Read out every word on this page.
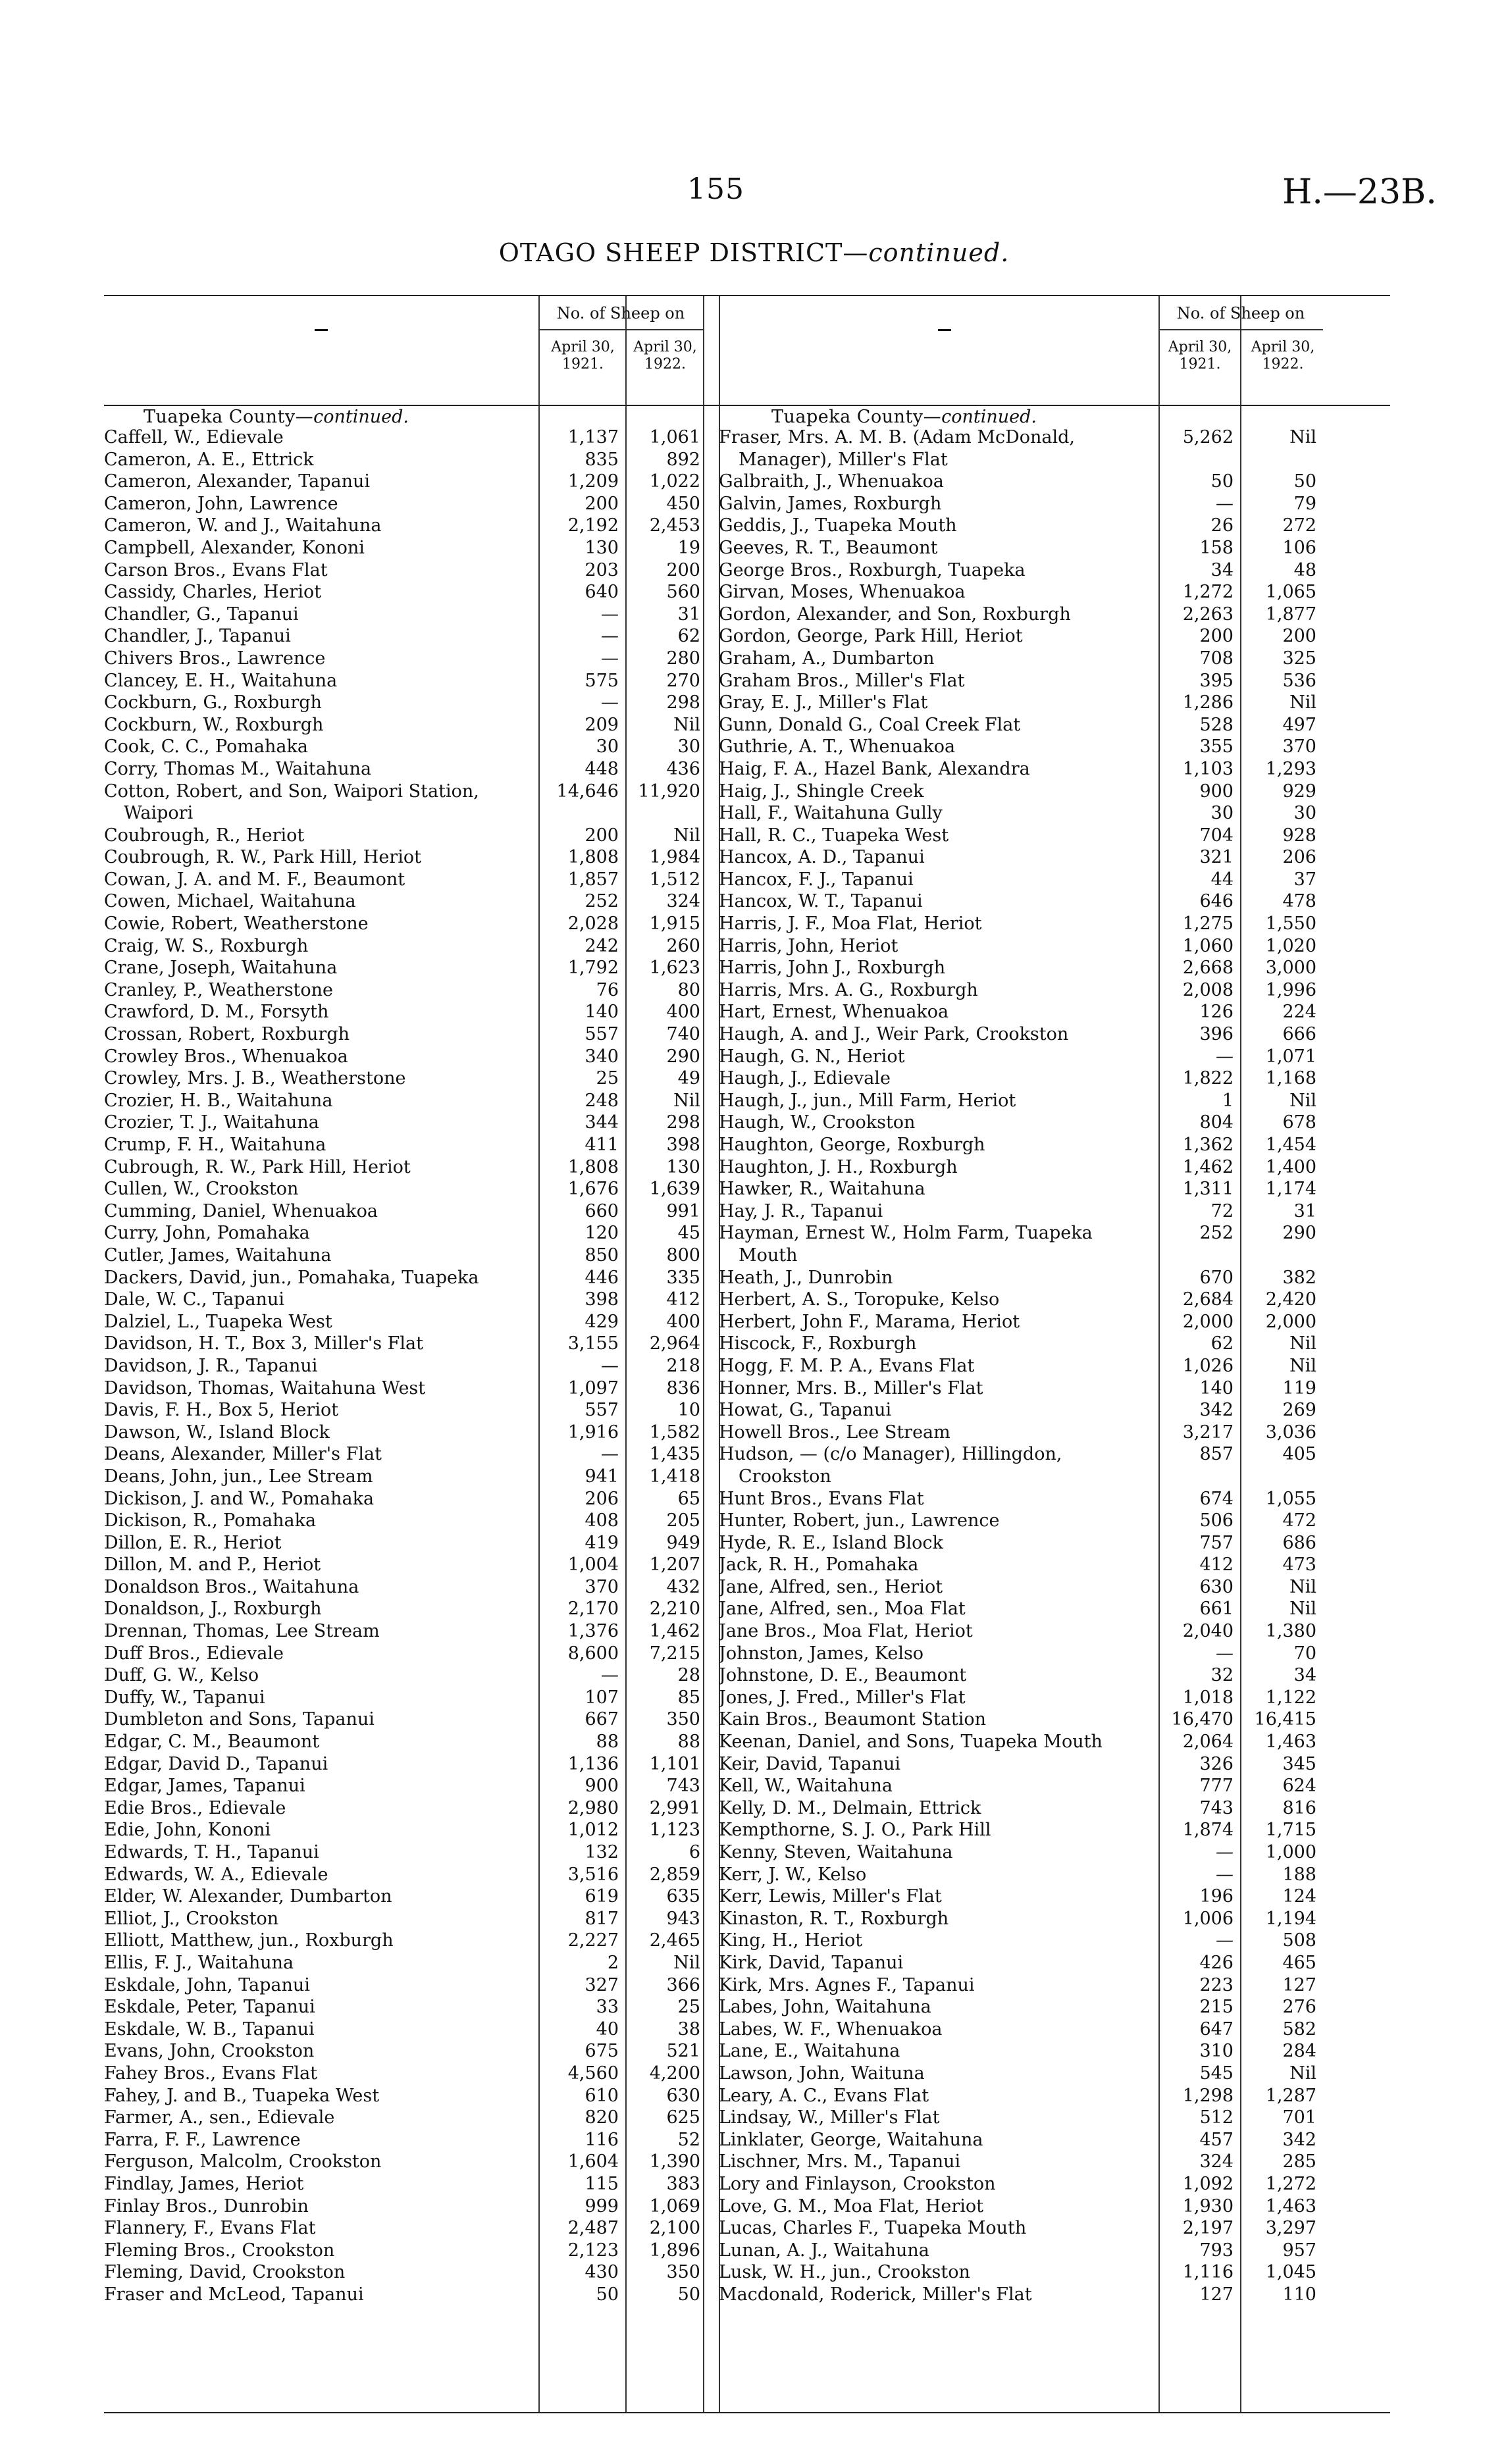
155	H.—23B.
OTAGO SHEEP DISTRICT—continued.
No. of Sheep on
April 30, 1921.
April 30, 1922.
Tuapeka County—continued.
Caffell, W., Edievale	1,137	1,061
Cameron, A. E., Ettrick	835	892
Cameron, Alexander, Tapanui	1,209	1,022
Cameron, John, Lawrence	200	450
Cameron, W. and J., Waitahuna	2,192	2,453
Campbell, Alexander, Kononi	130	19
Carson Bros., Evans Flat	203	200
Cassidy, Charles, Heriot	640	560
Chandler, G., Tapanui	—	31
Chandler, J., Tapanui	—	62
Chivers Bros., Lawrence	—	280
Clancey, E. H., Waitahuna	575	270
Cockburn, G., Roxburgh	—	298
Cockburn, W., Roxburgh	209	Nil
Cook, C. C., Pomahaka	30	30
Corry, Thomas M., Waitahuna	448	436
Cotton, Robert, and Son, Waipori Station,
Waipori
14,646	11,920
Coubrough, R., Heriot	200	Nil
Coubrough, R. W., Park Hill, Heriot	1,808	1,984
Cowan, J. A. and M. F., Beaumont	1,857	1,512
Cowen, Michael, Waitahuna	252	324
Cowie, Robert, Weatherstone	2,028	1,915
Craig, W. S., Roxburgh	242	260
Crane, Joseph, Waitahuna	1,792	1,623
Cranley, P., Weatherstone	76	80
Crawford, D. M., Forsyth	140	400
Crossan, Robert, Roxburgh	557	740
Crowley Bros., Whenuakoa	340	290
Crowley, Mrs. J. B., Weatherstone	25	49
Crozier, H. B., Waitahuna	248	Nil
Crozier, T. J., Waitahuna	344	298
Crump, F. H., Waitahuna	411	398
Cubrough, R. W., Park Hill, Heriot	1,808	130
Cullen, W., Crookston	1,676	1,639
Cumming, Daniel, Whenuakoa	660	991
Curry, John, Pomahaka	120	45
Cutler, James, Waitahuna	850	800
Dackers, David, jun., Pomahaka, Tuapeka	446	335
Dale, W. C., Tapanui	398	412
Dalziel, L., Tuapeka West	429	400
Davidson, H. T., Box 3, Miller's Flat	3,155	2,964
Davidson, J. R., Tapanui	—	218
Davidson, Thomas, Waitahuna West	1,097	836
Davis, F. H., Box 5, Heriot	557	10
Dawson, W., Island Block	1,916	1,582
Deans, Alexander, Miller's Flat	—	1,435
Deans, John, jun., Lee Stream	941	1,418
Dickison, J. and W., Pomahaka	206	65
Dickison, R., Pomahaka	408	205
Dillon, E. R., Heriot	419	949
Dillon, M. and P., Heriot	1,004	1,207
Donaldson Bros., Waitahuna	370	432
Donaldson, J., Roxburgh	2,170	2,210
Drennan, Thomas, Lee Stream	1,376	1,462
Duff Bros., Edievale	8,600	7,215
Duff, G. W., Kelso	—	28
Duffy, W., Tapanui	107	85
Dumbleton and Sons, Tapanui	667	350
Edgar, C. M., Beaumont	88	88
Edgar, David D., Tapanui	1,136	1,101
Edgar, James, Tapanui	900	743
Edie Bros., Edievale	2,980	2,991
Edie, John, Kononi	1,012	1,123
Edwards, T. H., Tapanui	132	6
Edwards, W. A., Edievale	3,516	2,859
Elder, W. Alexander, Dumbarton	619	635
Elliot, J., Crookston	817	943
Elliott, Matthew, jun., Roxburgh	2,227	2,465
Ellis, F. J., Waitahuna	2	Nil
Eskdale, John, Tapanui	327	366
Eskdale, Peter, Tapanui	33	25
Eskdale, W. B., Tapanui	40	38
Evans, John, Crookston	675	521
Fahey Bros., Evans Flat	4,560	4,200
Fahey, J. and B., Tuapeka West	610	630
Farmer, A., sen., Edievale	820	625
Farra, F. F., Lawrence	116	52
Ferguson, Malcolm, Crookston	1,604	1,390
Findlay, James, Heriot	115	383
Finlay Bros., Dunrobin	999	1,069
Flannery, F., Evans Flat	2,487	2,100
Fleming Bros., Crookston	2,123	1,896
Fleming, David, Crookston	430	350
Fraser and McLeod, Tapanui	50	50
No. of Sheep on
April 30, 1921.
April 30, 1922.
Tuapeka County—continued.
Fraser, Mrs. A. M. B. (Adam McDonald,
Manager), Miller's Flat
5,262	Nil
Galbraith, J., Whenuakoa	50	50
Galvin, James, Roxburgh	—	79
Geddis, J., Tuapeka Mouth	26	272
Geeves, R. T., Beaumont	158	106
George Bros., Roxburgh, Tuapeka	34	48
Girvan, Moses, Whenuakoa	1,272	1,065
Gordon, Alexander, and Son, Roxburgh	2,263	1,877
Gordon, George, Park Hill, Heriot	200	200
Graham, A., Dumbarton	708	325
Graham Bros., Miller's Flat	395	536
Gray, E. J., Miller's Flat	1,286	Nil
Gunn, Donald G., Coal Creek Flat	528	497
Guthrie, A. T., Whenuakoa	355	370
Haig, F. A., Hazel Bank, Alexandra	1,103	1,293
Haig, J., Shingle Creek	900	929
Hall, F., Waitahuna Gully	30	30
Hall, R. C., Tuapeka West	704	928
Hancox, A. D., Tapanui	321	206
Hancox, F. J., Tapanui	44	37
Hancox, W. T., Tapanui	646	478
Harris, J. F., Moa Flat, Heriot	1,275	1,550
Harris, John, Heriot	1,060	1,020
Harris, John J., Roxburgh	2,668	3,000
Harris, Mrs. A. G., Roxburgh	2,008	1,996
Hart, Ernest, Whenuakoa	126	224
Haugh, A. and J., Weir Park, Crookston	396	666
Haugh, G. N., Heriot	—	1,071
Haugh, J., Edievale	1,822	1,168
Haugh, J., jun., Mill Farm, Heriot	1	Nil
Haugh, W., Crookston	804	678
Haughton, George, Roxburgh	1,362	1,454
Haughton, J. H., Roxburgh	1,462	1,400
Hawker, R., Waitahuna	1,311	1,174
Hay, J. R., Tapanui	72	31
Hayman, Ernest W., Holm Farm, Tuapeka
Mouth
252	290
Heath, J., Dunrobin	670	382
Herbert, A. S., Toropuke, Kelso	2,684	2,420
Herbert, John F., Marama, Heriot	2,000	2,000
Hiscock, F., Roxburgh	62	Nil
Hogg, F. M. P. A., Evans Flat	1,026	Nil
Honner, Mrs. B., Miller's Flat	140	119
Howat, G., Tapanui	342	269
Howell Bros., Lee Stream	3,217	3,036
Hudson, — (c/o Manager), Hillingdon,
Crookston
857	405
Hunt Bros., Evans Flat	674	1,055
Hunter, Robert, jun., Lawrence	506	472
Hyde, R. E., Island Block	757	686
Jack, R. H., Pomahaka	412	473
Jane, Alfred, sen., Heriot	630	Nil
Jane, Alfred, sen., Moa Flat	661	Nil
Jane Bros., Moa Flat, Heriot	2,040	1,380
Johnston, James, Kelso	—	70
Johnstone, D. E., Beaumont	32	34
Jones, J. Fred., Miller's Flat	1,018	1,122
Kain Bros., Beaumont Station	16,470	16,415
Keenan, Daniel, and Sons, Tuapeka Mouth	2,064	1,463
Keir, David, Tapanui	326	345
Kell, W., Waitahuna	777	624
Kelly, D. M., Delmain, Ettrick	743	816
Kempthorne, S. J. O., Park Hill	1,874	1,715
Kenny, Steven, Waitahuna	—	1,000
Kerr, J. W., Kelso	—	188
Kerr, Lewis, Miller's Flat	196	124
Kinaston, R. T., Roxburgh	1,006	1,194
King, H., Heriot	—	508
Kirk, David, Tapanui	426	465
Kirk, Mrs. Agnes F., Tapanui	223	127
Labes, John, Waitahuna	215	276
Labes, W. F., Whenuakoa	647	582
Lane, E., Waitahuna	310	284
Lawson, John, Waituna	545	Nil
Leary, A. C., Evans Flat	1,298	1,287
Lindsay, W., Miller's Flat	512	701
Linklater, George, Waitahuna	457	342
Lischner, Mrs. M., Tapanui	324	285
Lory and Finlayson, Crookston	1,092	1,272
Love, G. M., Moa Flat, Heriot	1,930	1,463
Lucas, Charles F., Tuapeka Mouth	2,197	3,297
Lunan, A. J., Waitahuna	793	957
Lusk, W. H., jun., Crookston	1,116	1,045
Macdonald, Roderick, Miller's Flat	127	110
